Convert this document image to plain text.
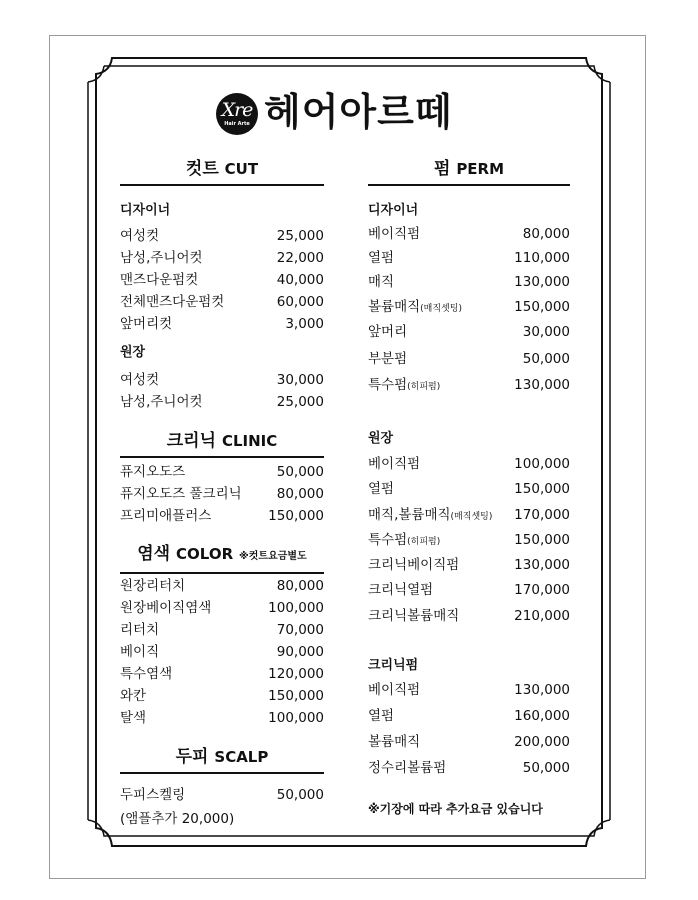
Xre
Hair Arte 헤어아르떼
컷트 CUT
디자이너
여성컷	25,000
남성,주니어컷	22,000
맨즈다운펌컷	40,000
전체맨즈다운펌컷	60,000
앞머리컷	3,000
원장
여성컷	30,000
남성,주니어컷	25,000
크리닉 CLINIC
퓨지오도즈	50,000
퓨지오도즈 풀크리닉	80,000
프리미애플러스	150,000
염색 COLOR ※컷트요금별도
원장리터치	80,000
원장베이직염색	100,000
리터치	70,000
베이직	90,000
특수염색	120,000
와칸	150,000
탈색	100,000
두피 SCALP
두피스켈링	50,000
(앰플추가 20,000)
펌 PERM
디자이너
베이직펌	80,000
열펌	110,000
매직	130,000
볼륨매직(매직셋팅)	150,000
앞머리	30,000
부분펌	50,000
특수펌(히피펌)	130,000
원장
베이직펌	100,000
열펌	150,000
매직,볼륨매직(매직셋팅) 170,000
특수펌(히피펌)	150,000
크리닉베이직펌	130,000
크리닉열펌	170,000
크리닉볼륨매직	210,000
크리닉펌
베이직펌	130,000
열펌	160,000
볼륨매직	200,000
정수리볼륨펌	50,000
※기장에 따라 추가요금 있습니다
